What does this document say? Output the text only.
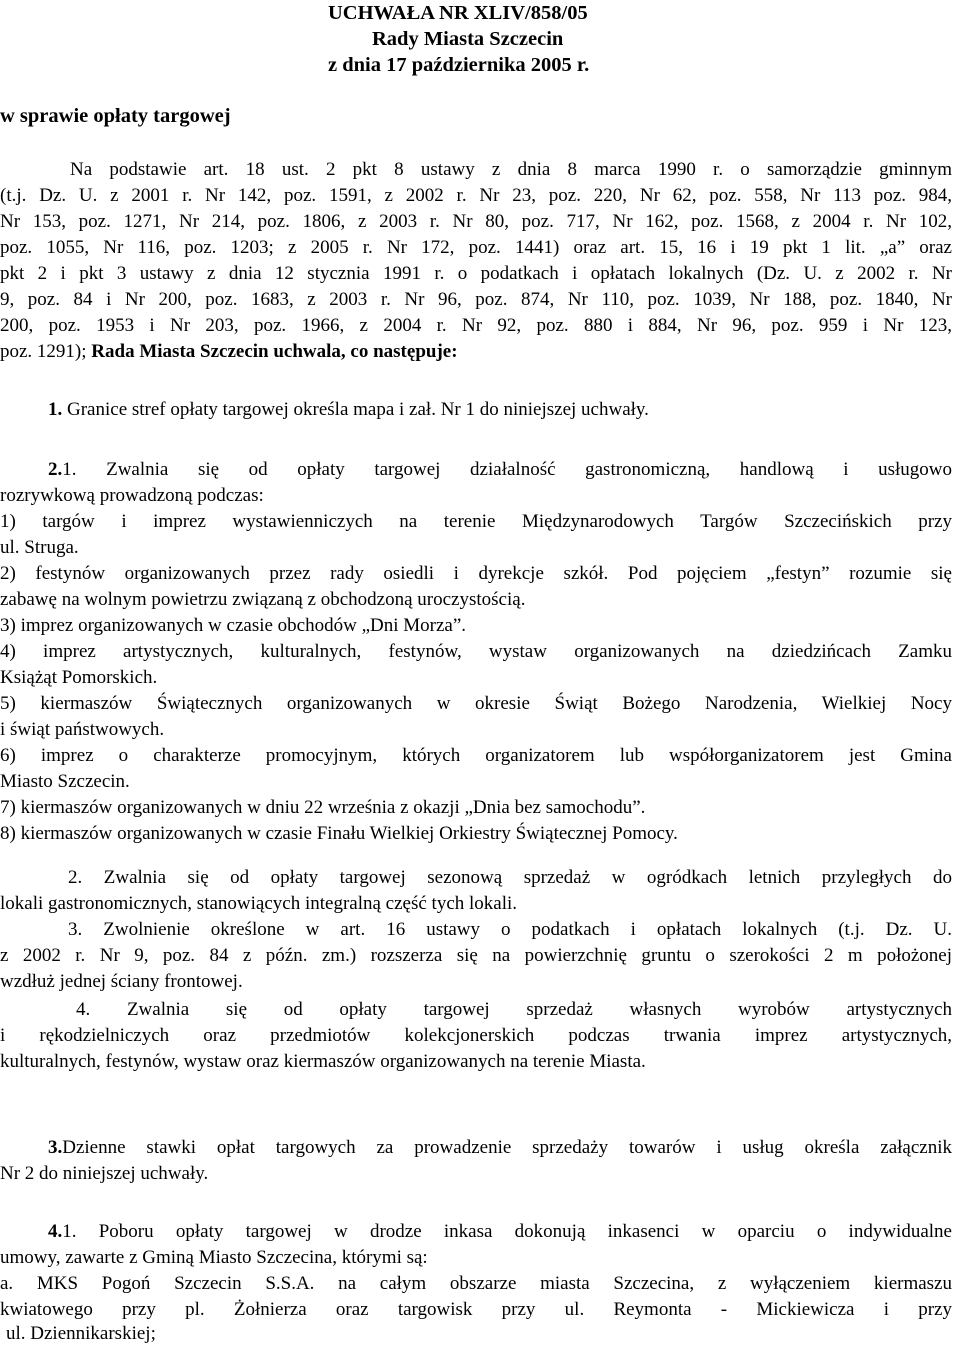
UCHWAŁA NR XLIV/858/05
Rady Miasta Szczecin
z dnia 17 października 2005 r.
w sprawie opłaty targowej
Na podstawie art. 18 ust. 2 pkt 8 ustawy z dnia 8 marca 1990 r. o samorządzie gminnym
(t.j. Dz. U. z 2001 r. Nr 142, poz. 1591, z 2002 r. Nr 23, poz. 220, Nr 62, poz. 558, Nr 113 poz. 984,
Nr 153, poz. 1271, Nr 214, poz. 1806, z 2003 r. Nr 80, poz. 717, Nr 162, poz. 1568, z 2004 r. Nr 102,
poz. 1055, Nr 116, poz. 1203; z 2005 r. Nr 172, poz. 1441) oraz art. 15, 16 i 19 pkt 1 lit. „a” oraz
pkt 2 i pkt 3 ustawy z dnia 12 stycznia 1991 r. o podatkach i opłatach lokalnych (Dz. U. z 2002 r. Nr
9, poz. 84 i Nr 200, poz. 1683, z 2003 r. Nr 96, poz. 874, Nr 110, poz. 1039, Nr 188, poz. 1840, Nr
200, poz. 1953 i Nr 203, poz. 1966, z 2004 r. Nr 92, poz. 880 i 884, Nr 96, poz. 959 i Nr 123,
poz. 1291); Rada Miasta Szczecin uchwala, co następuje:
1. Granice stref opłaty targowej określa mapa i zał. Nr 1 do niniejszej uchwały.
2.1. Zwalnia się od opłaty targowej działalność gastronomiczną, handlową i usługowo
rozrywkową prowadzoną podczas:
1) targów i imprez wystawienniczych na terenie Międzynarodowych Targów Szczecińskich przy
ul. Struga.
2) festynów organizowanych przez rady osiedli i dyrekcje szkół. Pod pojęciem „festyn” rozumie się
zabawę na wolnym powietrzu związaną z obchodzoną uroczystością.
3) imprez organizowanych w czasie obchodów „Dni Morza”.
4) imprez artystycznych, kulturalnych, festynów, wystaw organizowanych na dziedzińcach Zamku
Książąt Pomorskich.
5) kiermaszów Świątecznych organizowanych w okresie Świąt Bożego Narodzenia, Wielkiej Nocy
i świąt państwowych.
6) imprez o charakterze promocyjnym, których organizatorem lub współorganizatorem jest Gmina
Miasto Szczecin.
7) kiermaszów organizowanych w dniu 22 września z okazji „Dnia bez samochodu”.
8) kiermaszów organizowanych w czasie Finału Wielkiej Orkiestry Świątecznej Pomocy.
2. Zwalnia się od opłaty targowej sezonową sprzedaż w ogródkach letnich przyległych do
lokali gastronomicznych, stanowiących integralną część tych lokali.
3. Zwolnienie określone w art. 16 ustawy o podatkach i opłatach lokalnych (t.j. Dz. U.
z 2002 r. Nr 9, poz. 84 z późn. zm.) rozszerza się na powierzchnię gruntu o szerokości 2 m położonej
wzdłuż jednej ściany frontowej.
4. Zwalnia się od opłaty targowej sprzedaż własnych wyrobów artystycznych
i rękodzielniczych oraz przedmiotów kolekcjonerskich podczas trwania imprez artystycznych,
kulturalnych, festynów, wystaw oraz kiermaszów organizowanych na terenie Miasta.
3.Dzienne stawki opłat targowych za prowadzenie sprzedaży towarów i usług określa załącznik
Nr 2 do niniejszej uchwały.
4.1. Poboru opłaty targowej w drodze inkasa dokonują inkasenci w oparciu o indywidualne
umowy, zawarte z Gminą Miasto Szczecina, którymi są:
a. MKS Pogoń Szczecin S.S.A. na całym obszarze miasta Szczecina, z wyłączeniem kiermaszu
kwiatowego przy pl. Żołnierza oraz targowisk przy ul. Reymonta - Mickiewicza i przy
ul. Dziennikarskiej;
